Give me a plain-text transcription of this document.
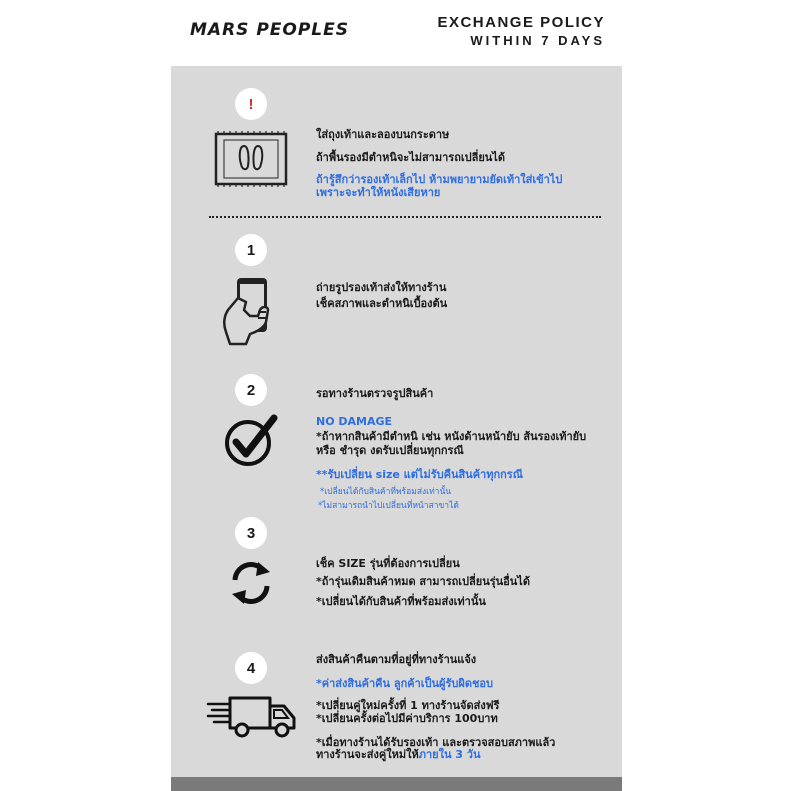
MARS PEOPLES	EXCHANGE POLICY
WITHIN 7 DAYS
!
ใส่ถุงเท้าและลองบนกระดาษ
ถ้าพื้นรองมีตำหนิจะไม่สามารถเปลี่ยนได้
ถ้ารู้สึกว่ารองเท้าเล็กไป ห้ามพยายามยัดเท้าใส่เข้าไป
เพราะจะทำให้หนังเสียหาย
1
ถ่ายรูปรองเท้าส่งให้ทางร้าน
เช็คสภาพและตำหนิเบื้องต้น
2	รอทางร้านตรวจรูปสินค้า
NO DAMAGE
*ถ้าหากสินค้ามีตำหนิ เช่น หนังด้านหน้ายับ ส้นรองเท้ายับ
หรือ ชำรุด งดรับเปลี่ยนทุกกรณี
**รับเปลี่ยน size แต่ไม่รับคืนสินค้าทุกกรณี
*เปลี่ยนได้กับสินค้าที่พร้อมส่งเท่านั้น
*ไม่สามารถนำไปเปลี่ยนที่หน้าสาขาได้
3
เช็ค SIZE รุ่นที่ต้องการเปลี่ยน
*ถ้ารุ่นเดิมสินค้าหมด สามารถเปลี่ยนรุ่นอื่นได้
*เปลี่ยนได้กับสินค้าที่พร้อมส่งเท่านั้น
4	ส่งสินค้าคืนตามที่อยู่ที่ทางร้านแจ้ง
*ค่าส่งสินค้าคืน ลูกค้าเป็นผู้รับผิดชอบ
*เปลี่ยนคู่ใหม่ครั้งที่ 1 ทางร้านจัดส่งฟรี
*เปลี่ยนครั้งต่อไปมีค่าบริการ 100บาท
*เมื่อทางร้านได้รับรองเท้า และตรวจสอบสภาพแล้ว
ทางร้านจะส่งคู่ใหม่ให้ภายใน 3 วัน
